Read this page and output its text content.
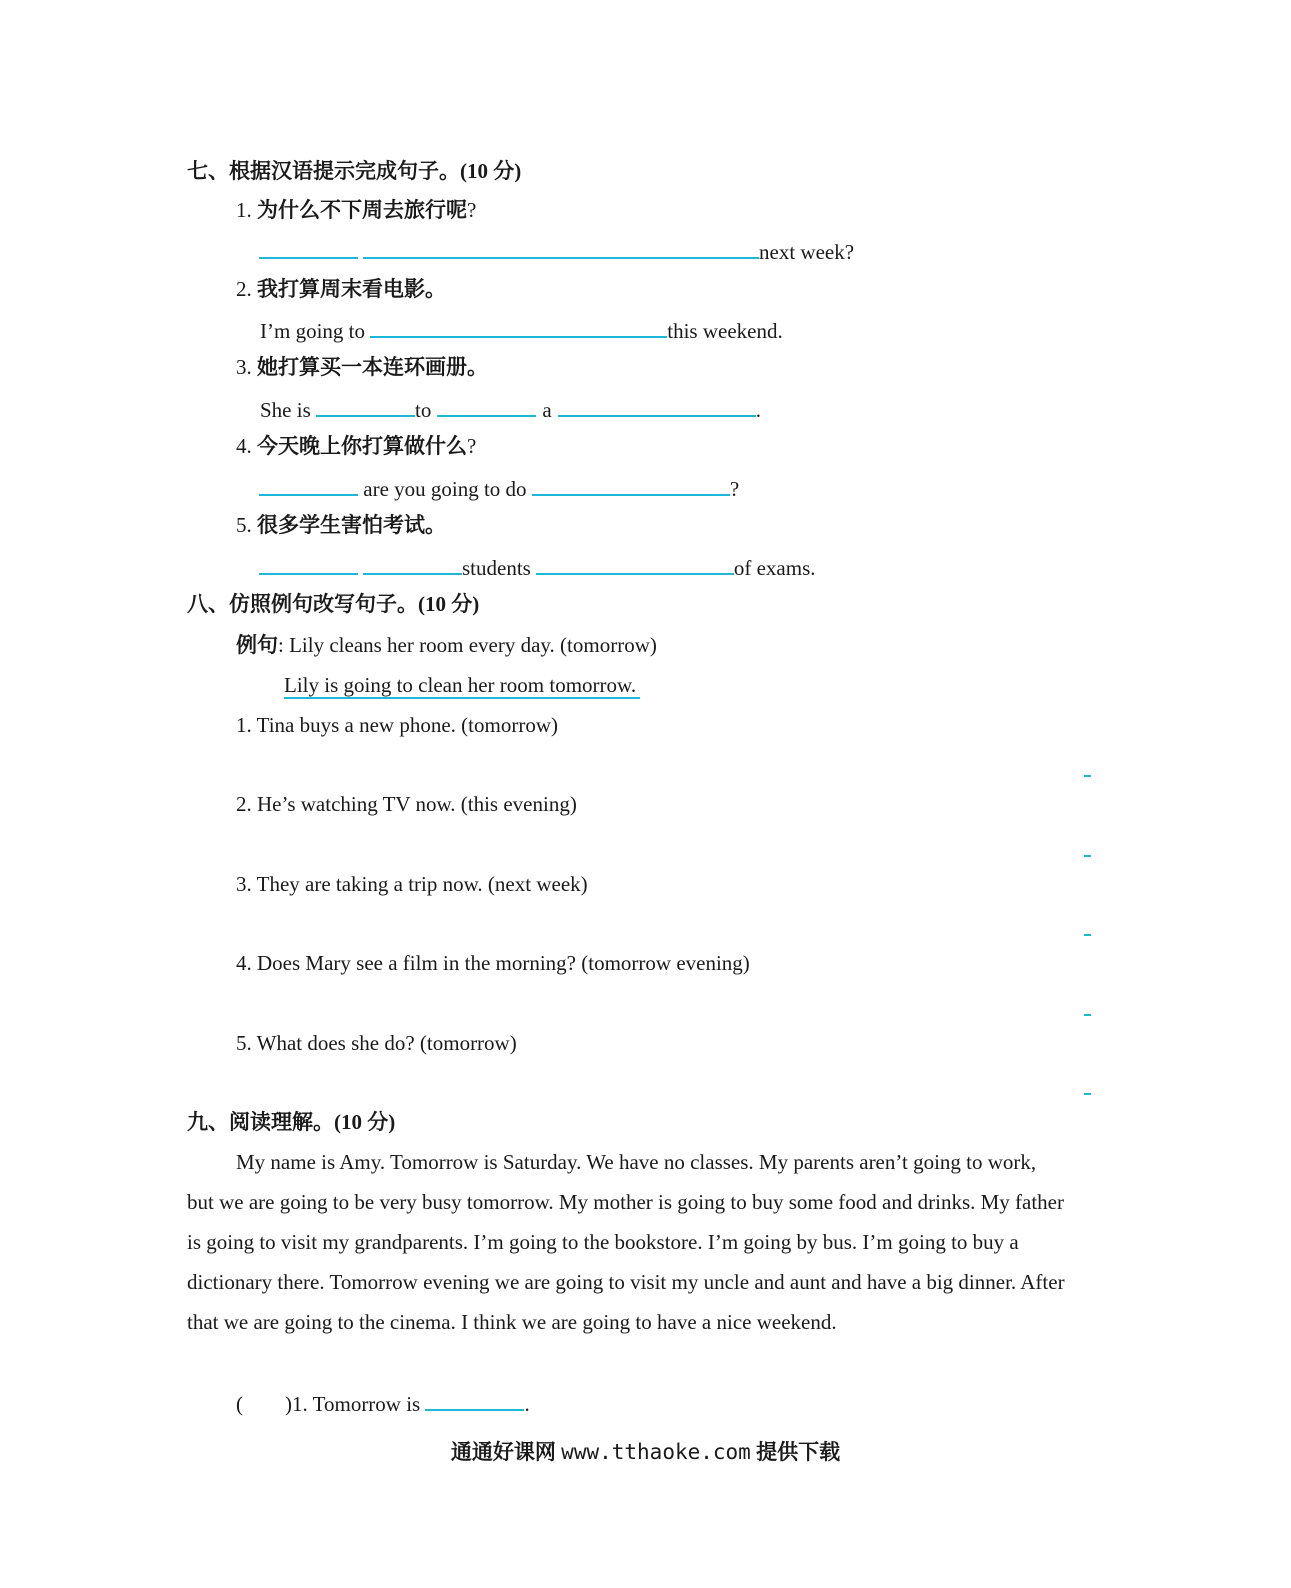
七、根据汉语提示完成句子。(10 分)
1. 为什么不下周去旅行呢?
next week?
2. 我打算周末看电影。
I’m going to	this weekend.
3. 她打算买一本连环画册。
She is	to	a	.
4. 今天晚上你打算做什么?
are you going to do	?
5. 很多学生害怕考试。
students	of exams.
八、仿照例句改写句子。(10 分)
例句: Lily cleans her room every day. (tomorrow)
Lily is going to clean her room tomorrow.
1. Tina buys a new phone. (tomorrow)
2. He’s watching TV now. (this evening)
3. They are taking a trip now. (next week)
4. Does Mary see a film in the morning? (tomorrow evening)
5. What does she do? (tomorrow)
九、阅读理解。(10 分)
My name is Amy. Tomorrow is Saturday. We have no classes. My parents aren’t going to work, but we are going to be very busy tomorrow. My mother is going to buy some food and drinks. My father is going to visit my grandparents. I’m going to the bookstore. I’m going by bus. I’m going to buy a dictionary there. Tomorrow evening we are going to visit my uncle and aunt and have a big dinner. After that we are going to the cinema. I think we are going to have a nice weekend.
(        )1. Tomorrow is	.
通通好课网 www.tthaoke.com 提供下载
